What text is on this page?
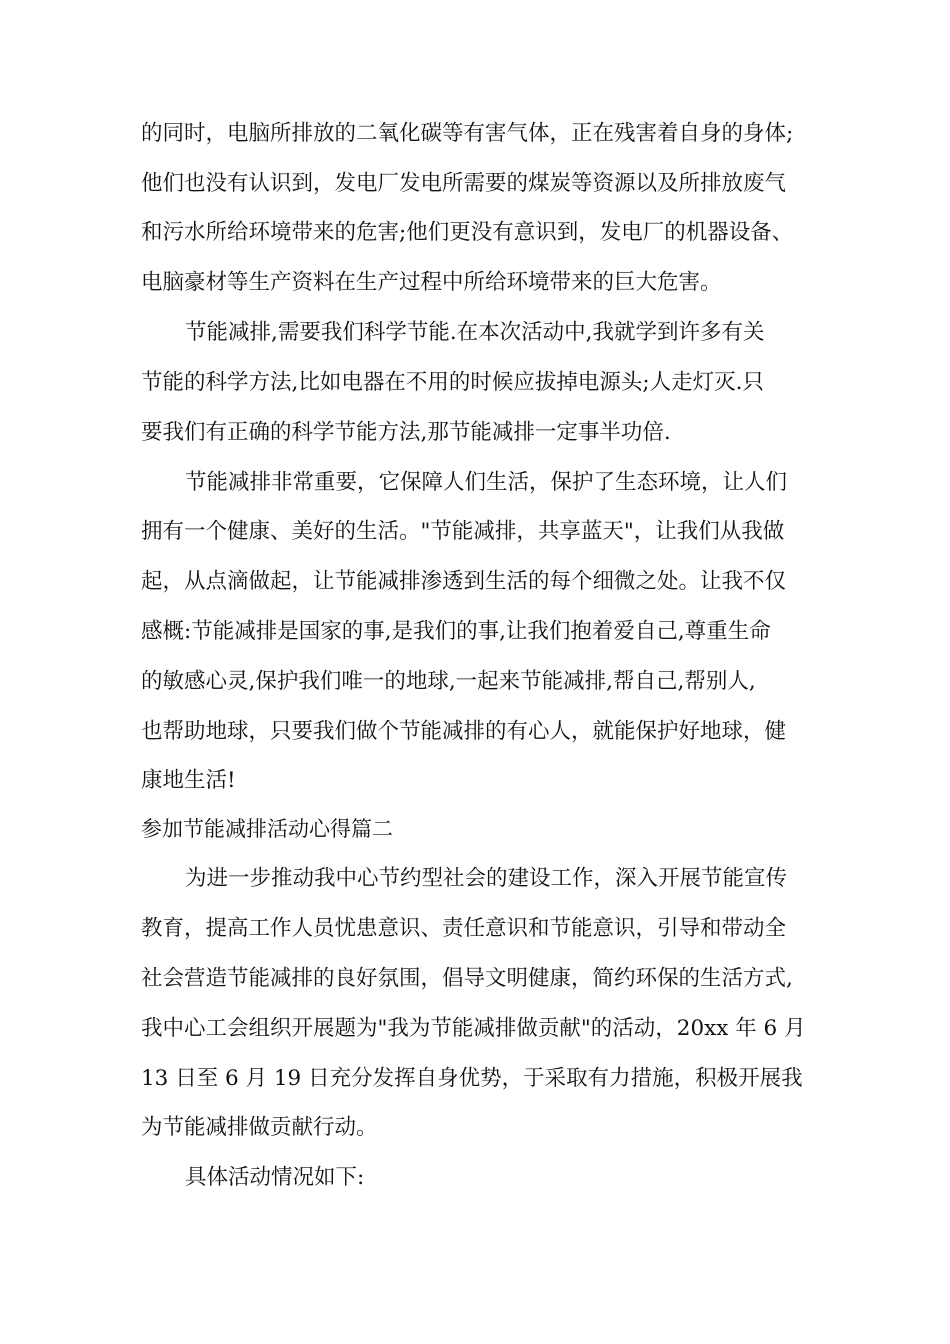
的同时，电脑所排放的二氧化碳等有害气体，正在残害着自身的身体;
他们也没有认识到，发电厂发电所需要的煤炭等资源以及所排放废气
和污水所给环境带来的危害;他们更没有意识到，发电厂的机器设备、
电脑豪材等生产资料在生产过程中所给环境带来的巨大危害。
节能减排,需要我们科学节能.在本次活动中,我就学到许多有关
节能的科学方法,比如电器在不用的时候应拔掉电源头;人走灯灭.只
要我们有正确的科学节能方法,那节能减排一定事半功倍.
节能减排非常重要，它保障人们生活，保护了生态环境，让人们
拥有一个健康、美好的生活。"节能减排，共享蓝天"，让我们从我做
起，从点滴做起，让节能减排渗透到生活的每个细微之处。让我不仅
感概:节能减排是国家的事,是我们的事,让我们抱着爱自己,尊重生命
的敏感心灵,保护我们唯一的地球,一起来节能减排,帮自己,帮别人,
也帮助地球，只要我们做个节能减排的有心人，就能保护好地球，健
康地生活!
参加节能减排活动心得篇二
为进一步推动我中心节约型社会的建设工作，深入开展节能宣传
教育，提高工作人员忧患意识、责任意识和节能意识，引导和带动全
社会营造节能减排的良好氛围，倡导文明健康，简约环保的生活方式,
我中心工会组织开展题为"我为节能减排做贡献"的活动，20xx 年 6 月
13 日至 6 月 19 日充分发挥自身优势，于采取有力措施，积极开展我
为节能减排做贡献行动。
具体活动情况如下:
